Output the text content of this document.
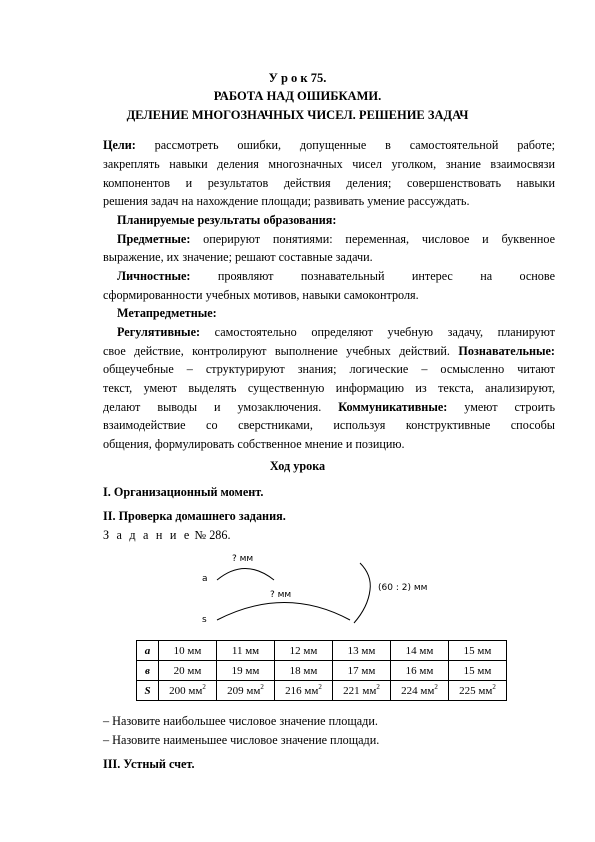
У р о к 75.
РАБОТА НАД ОШИБКАМИ.
ДЕЛЕНИЕ МНОГОЗНАЧНЫХ ЧИСЕЛ. РЕШЕНИЕ ЗАДАЧ
Цели: рассмотреть ошибки, допущенные в самостоятельной работе;
закреплять навыки деления многозначных чисел уголком, знание взаимосвязи
компонентов и результатов действия деления; совершенствовать навыки
решения задач на нахождение площади; развивать умение рассуждать.
Планируемые результаты образования:
Предметные: оперируют понятиями: переменная, числовое и буквенное
выражение, их значение; решают составные задачи.
Личностные: проявляют познавательный интерес на основе
сформированности учебных мотивов, навыки самоконтроля.
Метапредметные:
Регулятивные: самостоятельно определяют учебную задачу, планируют
свое действие, контролируют выполнение учебных действий. Познавательные:
общеучебные – структурируют знания; логические – осмысленно читают
текст, умеют выделять существенную информацию из текста, анализируют,
делают выводы и умозаключения. Коммуникативные: умеют строить
взаимодействие со сверстниками, используя конструктивные способы
общения, формулировать собственное мнение и позицию.
Ход урока
I. Организационный момент.
II. Проверка домашнего задания.
З а д а н и е № 286.
a
s
? мм
? мм
(60 : 2) мм
a	10 мм	11 мм	12 мм	13 мм	14 мм	15 мм
в	20 мм	19 мм	18 мм	17 мм	16 мм	15 мм
S	200 $мм^2$	209 $мм^2$	216 $мм^2$	221 $мм^2$	224 $мм^2$	225 $мм^2$
– Назовите наибольшее числовое значение площади.
– Назовите наименьшее числовое значение площади.
III. Устный счет.
